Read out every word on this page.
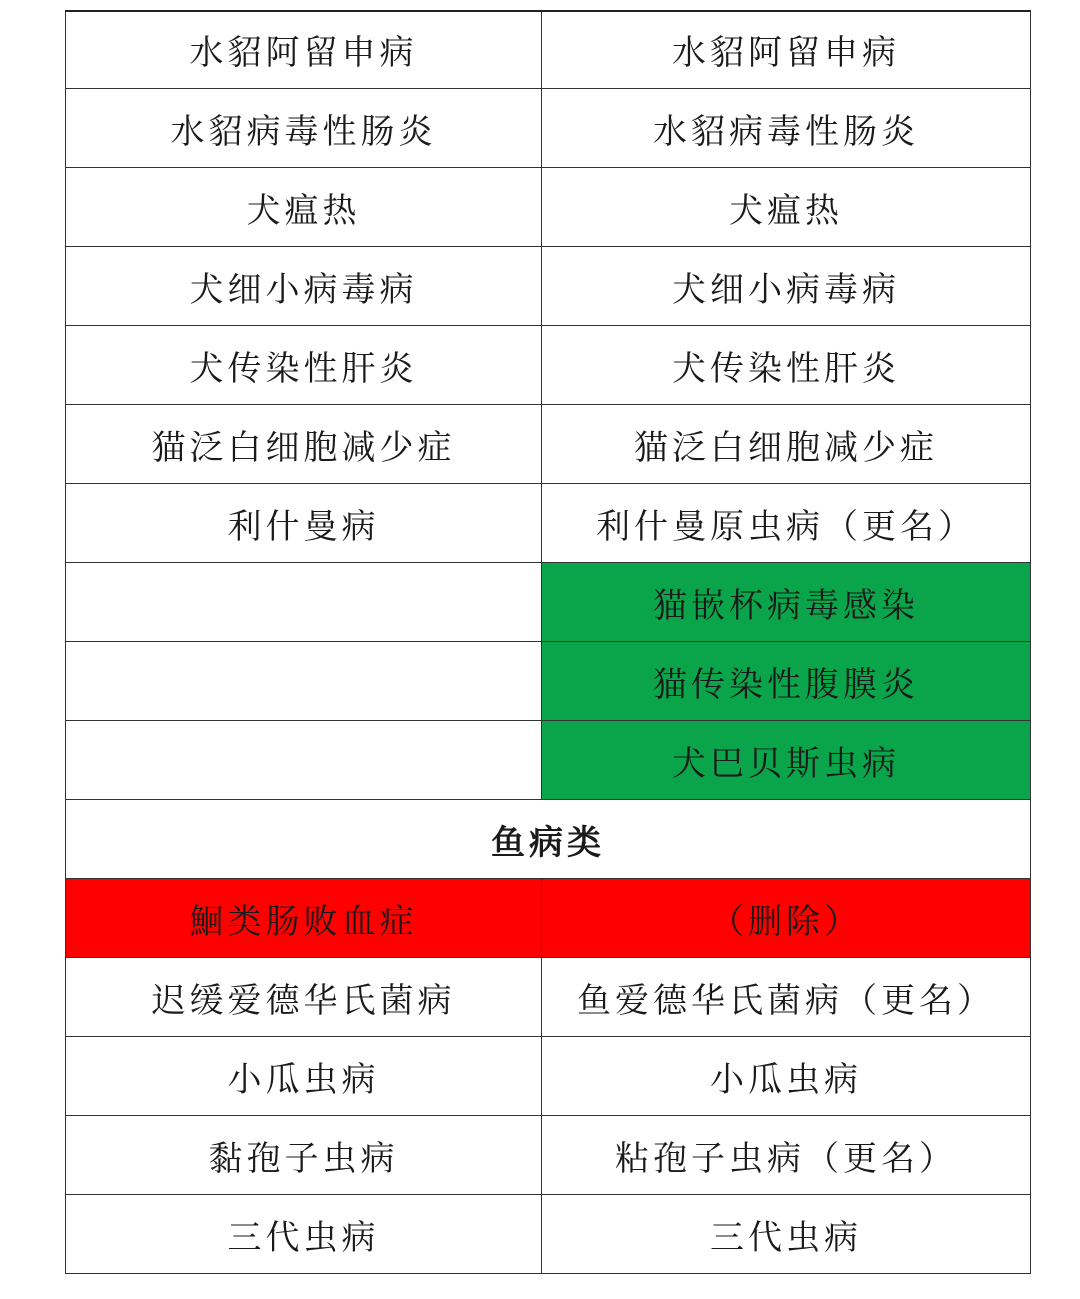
水貂阿留申病	水貂阿留申病
水貂病毒性肠炎	水貂病毒性肠炎
犬瘟热	犬瘟热
犬细小病毒病	犬细小病毒病
犬传染性肝炎	犬传染性肝炎
猫泛白细胞减少症	猫泛白细胞减少症
利什曼病	利什曼原虫病（更名）
	猫嵌杯病毒感染
	猫传染性腹膜炎
	犬巴贝斯虫病
鱼病类	
鮰类肠败血症	（删除）
迟缓爱德华氏菌病	鱼爱德华氏菌病（更名）
小瓜虫病	小瓜虫病
黏孢子虫病	粘孢子虫病（更名）
三代虫病	三代虫病
